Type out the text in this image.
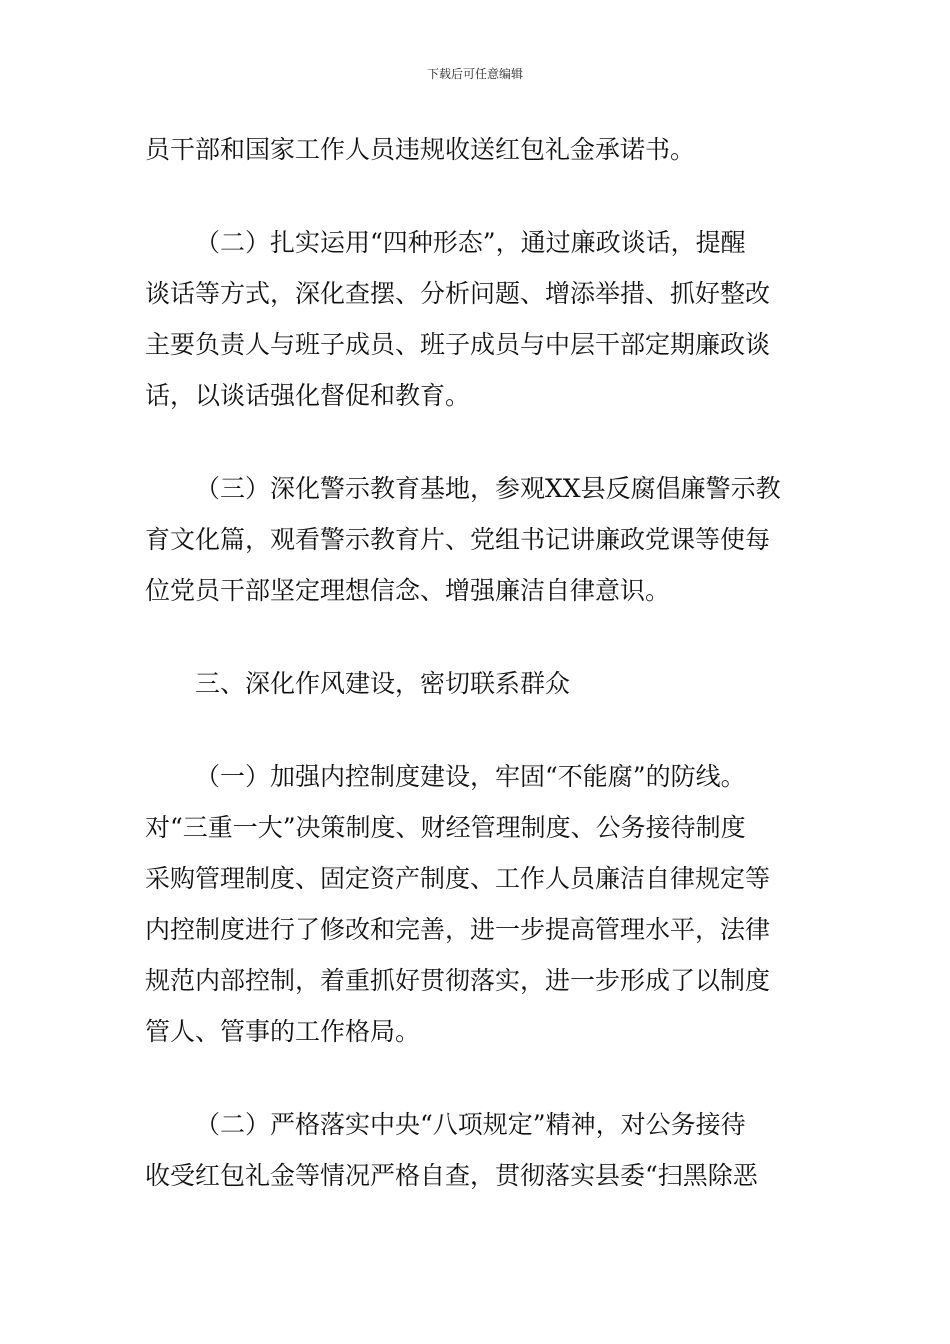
下载后可任意编辑
员干部和国家工作人员违规收送红包礼金承诺书。
（二）扎实运用“四种形态”，通过廉政谈话，提醒
谈话等方式，深化查摆、分析问题、增添举措、抓好整改
主要负责人与班子成员、班子成员与中层干部定期廉政谈
话，以谈话强化督促和教育。
（三）深化警示教育基地，参观XX县反腐倡廉警示教
育文化篇，观看警示教育片、党组书记讲廉政党课等使每
位党员干部坚定理想信念、增强廉洁自律意识。
三、深化作风建设，密切联系群众
（一）加强内控制度建设，牢固“不能腐”的防线。
对“三重一大”决策制度、财经管理制度、公务接待制度
采购管理制度、固定资产制度、工作人员廉洁自律规定等
内控制度进行了修改和完善，进一步提高管理水平，法律
规范内部控制，着重抓好贯彻落实，进一步形成了以制度
管人、管事的工作格局。
（二）严格落实中央“八项规定”精神，对公务接待
收受红包礼金等情况严格自查，贯彻落实县委“扫黑除恶
